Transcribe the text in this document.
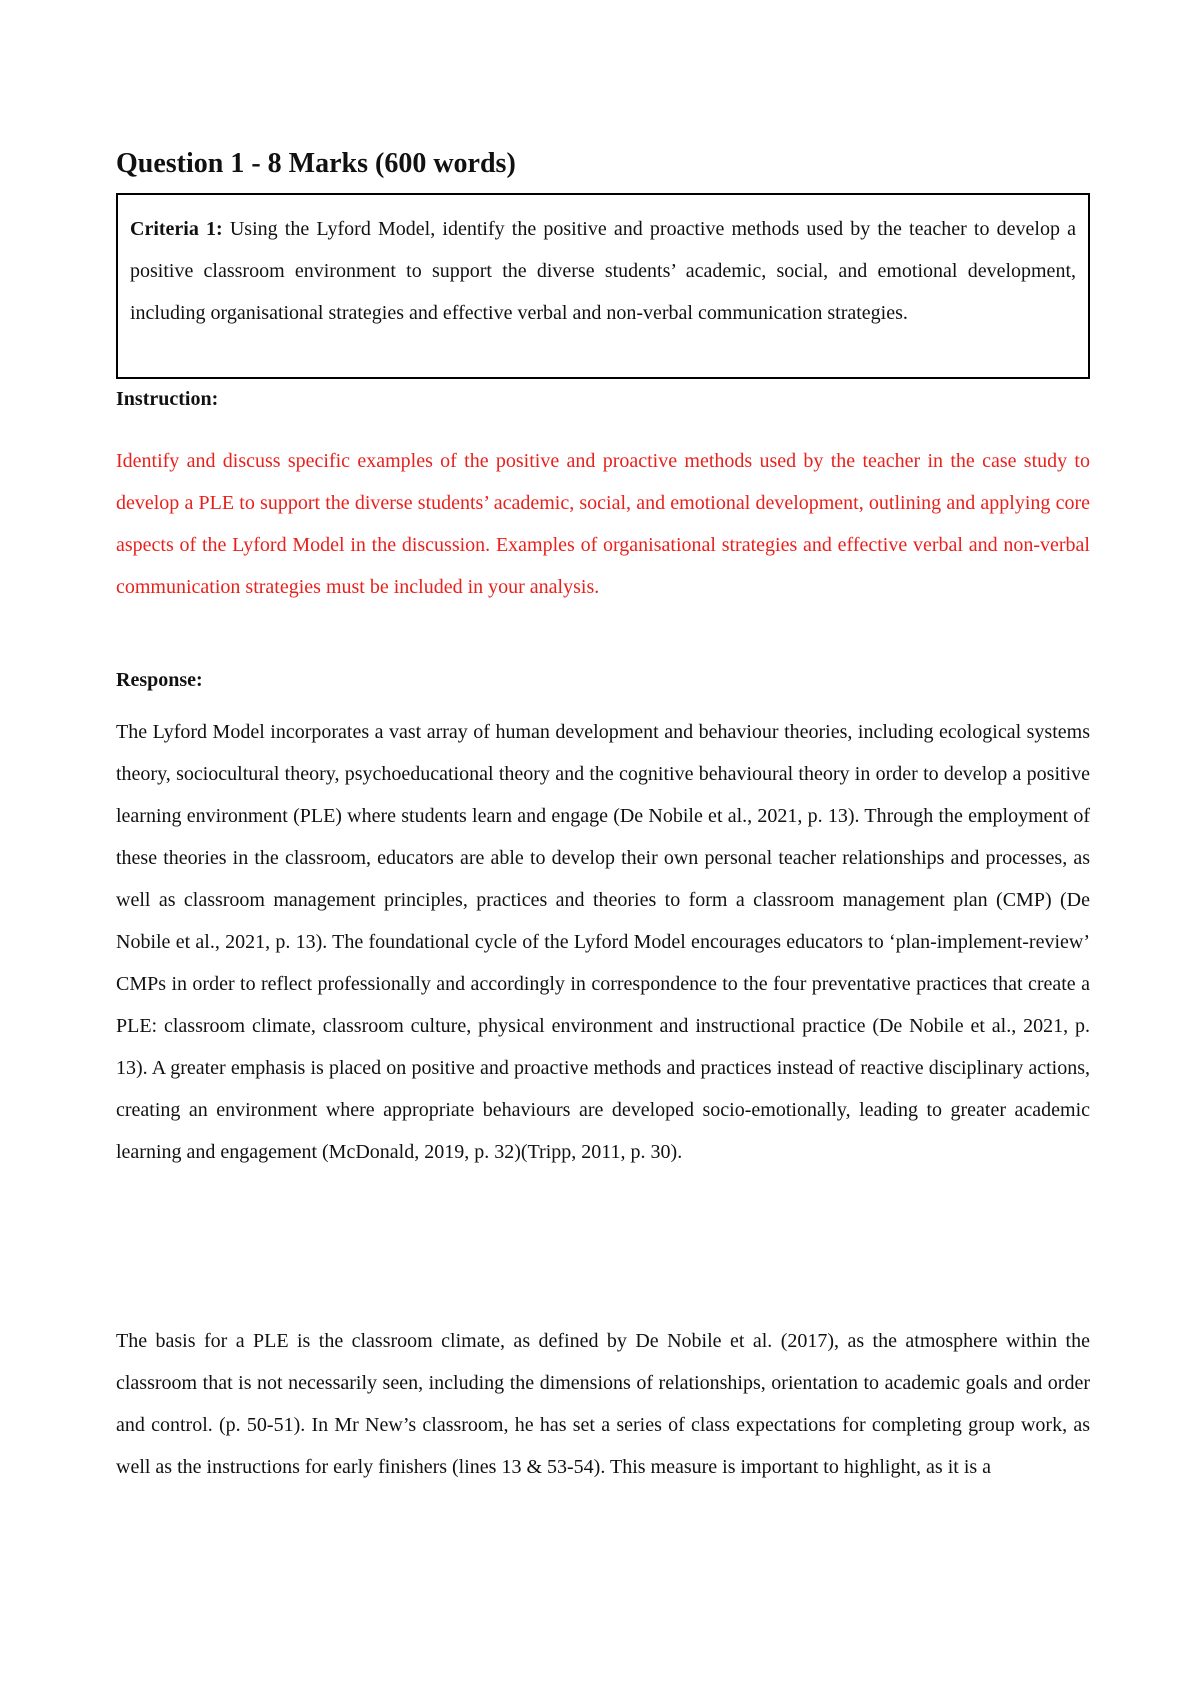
Question 1 - 8 Marks (600 words)
Criteria 1: Using the Lyford Model, identify the positive and proactive methods used by the teacher to develop a positive classroom environment to support the diverse students’ academic, social, and emotional development, including organisational strategies and effective verbal and non-verbal communication strategies.

Instruction:

Identify and discuss specific examples of the positive and proactive methods used by the teacher in the case study to develop a PLE to support the diverse students’ academic, social, and emotional development, outlining and applying core aspects of the Lyford Model in the discussion. Examples of organisational strategies and effective verbal and non-verbal communication strategies must be included in your analysis.

Response:

The Lyford Model incorporates a vast array of human development and behaviour theories, including ecological systems theory, sociocultural theory, psychoeducational theory and the cognitive behavioural theory in order to develop a positive learning environment (PLE) where students learn and engage (De Nobile et al., 2021, p. 13). Through the employment of these theories in the classroom, educators are able to develop their own personal teacher relationships and processes, as well as classroom management principles, practices and theories to form a classroom management plan (CMP) (De Nobile et al., 2021, p. 13). The foundational cycle of the Lyford Model encourages educators to ‘plan-implement-review’ CMPs in order to reflect professionally and accordingly in correspondence to the four preventative practices that create a PLE: classroom climate, classroom culture, physical environment and instructional practice (De Nobile et al., 2021, p. 13). A greater emphasis is placed on positive and proactive methods and practices instead of reactive disciplinary actions, creating an environment where appropriate behaviours are developed socio-emotionally, leading to greater academic learning and engagement (McDonald, 2019, p. 32)(Tripp, 2011, p. 30).

The basis for a PLE is the classroom climate, as defined by De Nobile et al. (2017), as the atmosphere within the classroom that is not necessarily seen, including the dimensions of relationships, orientation to academic goals and order and control. (p. 50-51). In Mr New’s classroom, he has set a series of class expectations for completing group work, as well as the instructions for early finishers (lines 13 & 53-54). This measure is important to highlight, as it is a
